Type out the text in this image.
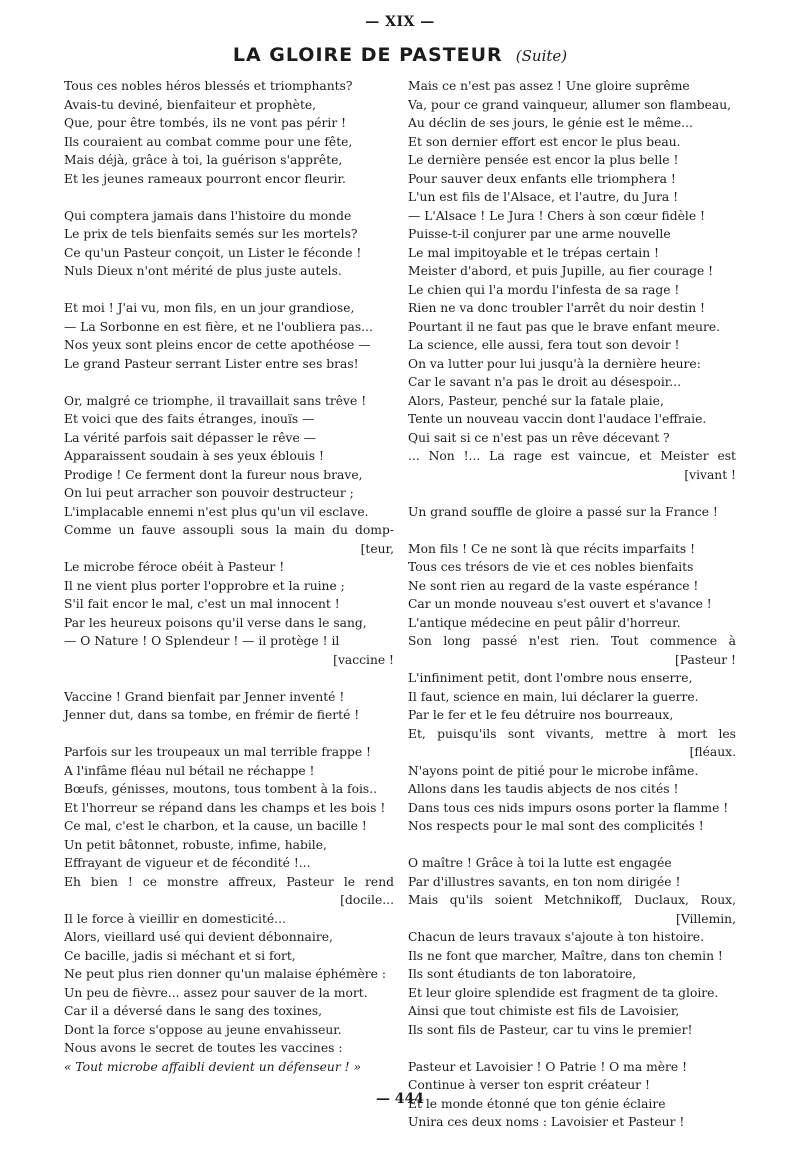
— XIX —
LA GLOIRE DE PASTEUR (Suite)
Tous ces nobles héros blessés et triomphants?
Avais-tu deviné, bienfaiteur et prophète,
Que, pour être tombés, ils ne vont pas périr !
Ils couraient au combat comme pour une fête,
Mais déjà, grâce à toi, la guérison s'apprête,
Et les jeunes rameaux pourront encor fleurir.
Qui comptera jamais dans l'histoire du monde
Le prix de tels bienfaits semés sur les mortels?
Ce qu'un Pasteur conçoit, un Lister le féconde !
Nuls Dieux n'ont mérité de plus juste autels.
Et moi ! J'ai vu, mon fils, en un jour grandiose,
— La Sorbonne en est fière, et ne l'oubliera pas...
Nos yeux sont pleins encor de cette apothéose —
Le grand Pasteur serrant Lister entre ses bras!
Or, malgré ce triomphe, il travaillait sans trêve !
Et voici que des faits étranges, inouïs —
La vérité parfois sait dépasser le rêve —
Apparaissent soudain à ses yeux éblouis !
Prodige ! Ce ferment dont la fureur nous brave,
On lui peut arracher son pouvoir destructeur ;
L'implacable ennemi n'est plus qu'un vil esclave.
Comme un fauve assoupli sous la main du domp-
[teur,
Le microbe féroce obéit à Pasteur !
Il ne vient plus porter l'opprobre et la ruine ;
S'il fait encor le mal, c'est un mal innocent !
Par les heureux poisons qu'il verse dans le sang,
— O Nature ! O Splendeur ! — il protège ! il
[vaccine !
Vaccine ! Grand bienfait par Jenner inventé !
Jenner dut, dans sa tombe, en frémir de fierté !
Parfois sur les troupeaux un mal terrible frappe !
A l'infâme fléau nul bétail ne réchappe !
Bœufs, génisses, moutons, tous tombent à la fois..
Et l'horreur se répand dans les champs et les bois !
Ce mal, c'est le charbon, et la cause, un bacille !
Un petit bâtonnet, robuste, infime, habile,
Effrayant de vigueur et de fécondité !...
Eh bien ! ce monstre affreux, Pasteur le rend
[docile...
Il le force à vieillir en domesticité...
Alors, vieillard usé qui devient débonnaire,
Ce bacille, jadis si méchant et si fort,
Ne peut plus rien donner qu'un malaise éphémère :
Un peu de fièvre... assez pour sauver de la mort.
Car il a déversé dans le sang des toxines,
Dont la force s'oppose au jeune envahisseur.
Nous avons le secret de toutes les vaccines :
« Tout microbe affaibli devient un défenseur ! »
Mais ce n'est pas assez ! Une gloire suprême
Va, pour ce grand vainqueur, allumer son flambeau,
Au déclin de ses jours, le génie est le même...
Et son dernier effort est encor le plus beau.
Le dernière pensée est encor la plus belle !
Pour sauver deux enfants elle triomphera !
L'un est fils de l'Alsace, et l'autre, du Jura !
— L'Alsace ! Le Jura ! Chers à son cœur fidèle !
Puisse-t-il conjurer par une arme nouvelle
Le mal impitoyable et le trépas certain !
Meister d'abord, et puis Jupille, au fier courage !
Le chien qui l'a mordu l'infesta de sa rage !
Rien ne va donc troubler l'arrêt du noir destin !
Pourtant il ne faut pas que le brave enfant meure.
La science, elle aussi, fera tout son devoir !
On va lutter pour lui jusqu'à la dernière heure:
Car le savant n'a pas le droit au désespoir...
Alors, Pasteur, penché sur la fatale plaie,
Tente un nouveau vaccin dont l'audace l'effraie.
Qui sait si ce n'est pas un rêve décevant ?
... Non !... La rage est vaincue, et Meister est
[vivant !
Un grand souffle de gloire a passé sur la France !
Mon fils ! Ce ne sont là que récits imparfaits !
Tous ces trésors de vie et ces nobles bienfaits
Ne sont rien au regard de la vaste espérance !
Car un monde nouveau s'est ouvert et s'avance !
L'antique médecine en peut pâlir d'horreur.
Son long passé n'est rien. Tout commence à
[Pasteur !
L'infiniment petit, dont l'ombre nous enserre,
Il faut, science en main, lui déclarer la guerre.
Par le fer et le feu détruire nos bourreaux,
Et, puisqu'ils sont vivants, mettre à mort les
[fléaux.
N'ayons point de pitié pour le microbe infâme.
Allons dans les taudis abjects de nos cités !
Dans tous ces nids impurs osons porter la flamme !
Nos respects pour le mal sont des complicités !
O maître ! Grâce à toi la lutte est engagée
Par d'illustres savants, en ton nom dirigée !
Mais qu'ils soient Metchnikoff, Duclaux, Roux,
[Villemin,
Chacun de leurs travaux s'ajoute à ton histoire.
Ils ne font que marcher, Maître, dans ton chemin !
Ils sont étudiants de ton laboratoire,
Et leur gloire splendide est fragment de ta gloire.
Ainsi que tout chimiste est fils de Lavoisier,
Ils sont fils de Pasteur, car tu vins le premier!
Pasteur et Lavoisier ! O Patrie ! O ma mère !
Continue à verser ton esprit créateur !
Et le monde étonné que ton génie éclaire
Unira ces deux noms : Lavoisier et Pasteur !
— 444
